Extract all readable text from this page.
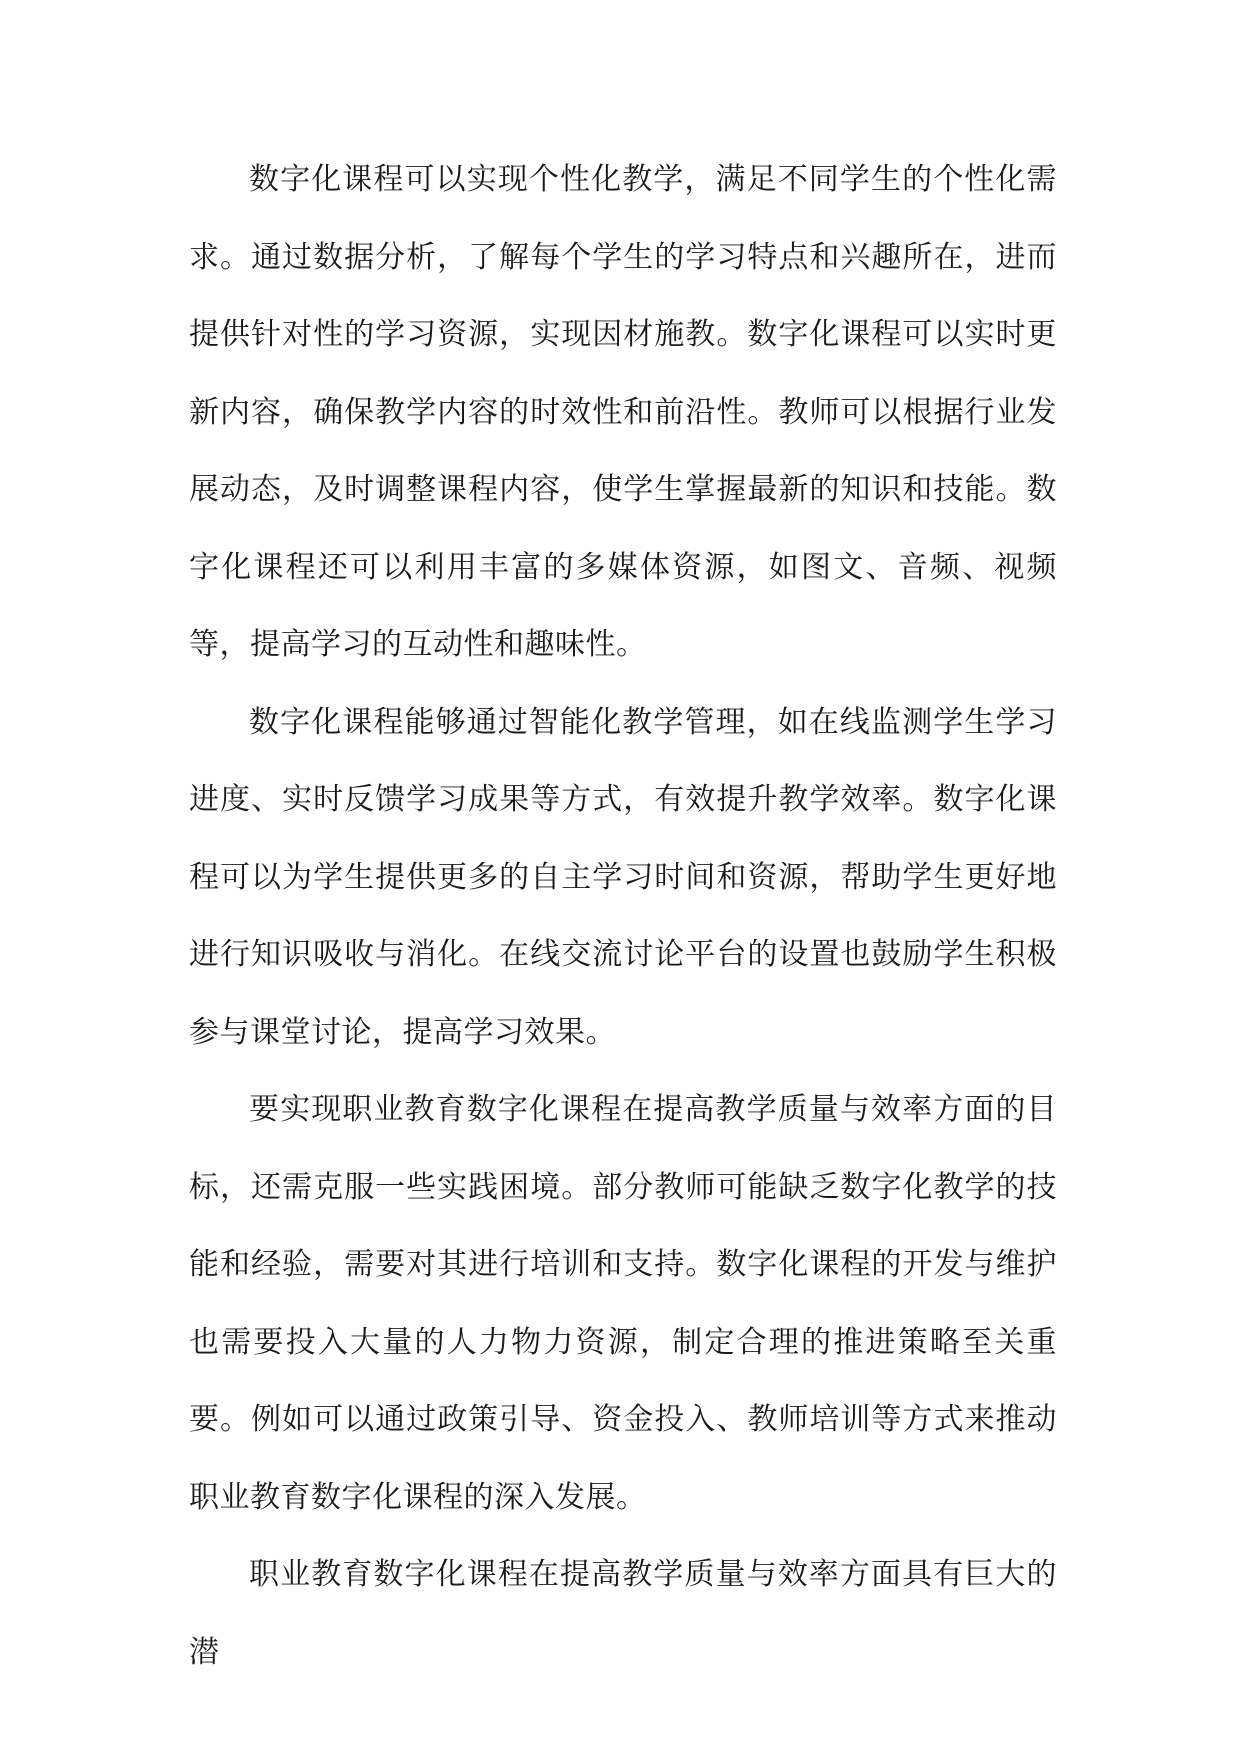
数字化课程可以实现个性化教学，满足不同学生的个性化需求。通过数据分析，了解每个学生的学习特点和兴趣所在，进而提供针对性的学习资源，实现因材施教。数字化课程可以实时更新内容，确保教学内容的时效性和前沿性。教师可以根据行业发展动态，及时调整课程内容，使学生掌握最新的知识和技能。数字化课程还可以利用丰富的多媒体资源，如图文、音频、视频等，提高学习的互动性和趣味性。

数字化课程能够通过智能化教学管理，如在线监测学生学习进度、实时反馈学习成果等方式，有效提升教学效率。数字化课程可以为学生提供更多的自主学习时间和资源，帮助学生更好地进行知识吸收与消化。在线交流讨论平台的设置也鼓励学生积极参与课堂讨论，提高学习效果。

要实现职业教育数字化课程在提高教学质量与效率方面的目标，还需克服一些实践困境。部分教师可能缺乏数字化教学的技能和经验，需要对其进行培训和支持。数字化课程的开发与维护也需要投入大量的人力物力资源，制定合理的推进策略至关重要。例如可以通过政策引导、资金投入、教师培训等方式来推动职业教育数字化课程的深入发展。

职业教育数字化课程在提高教学质量与效率方面具有巨大的潜
